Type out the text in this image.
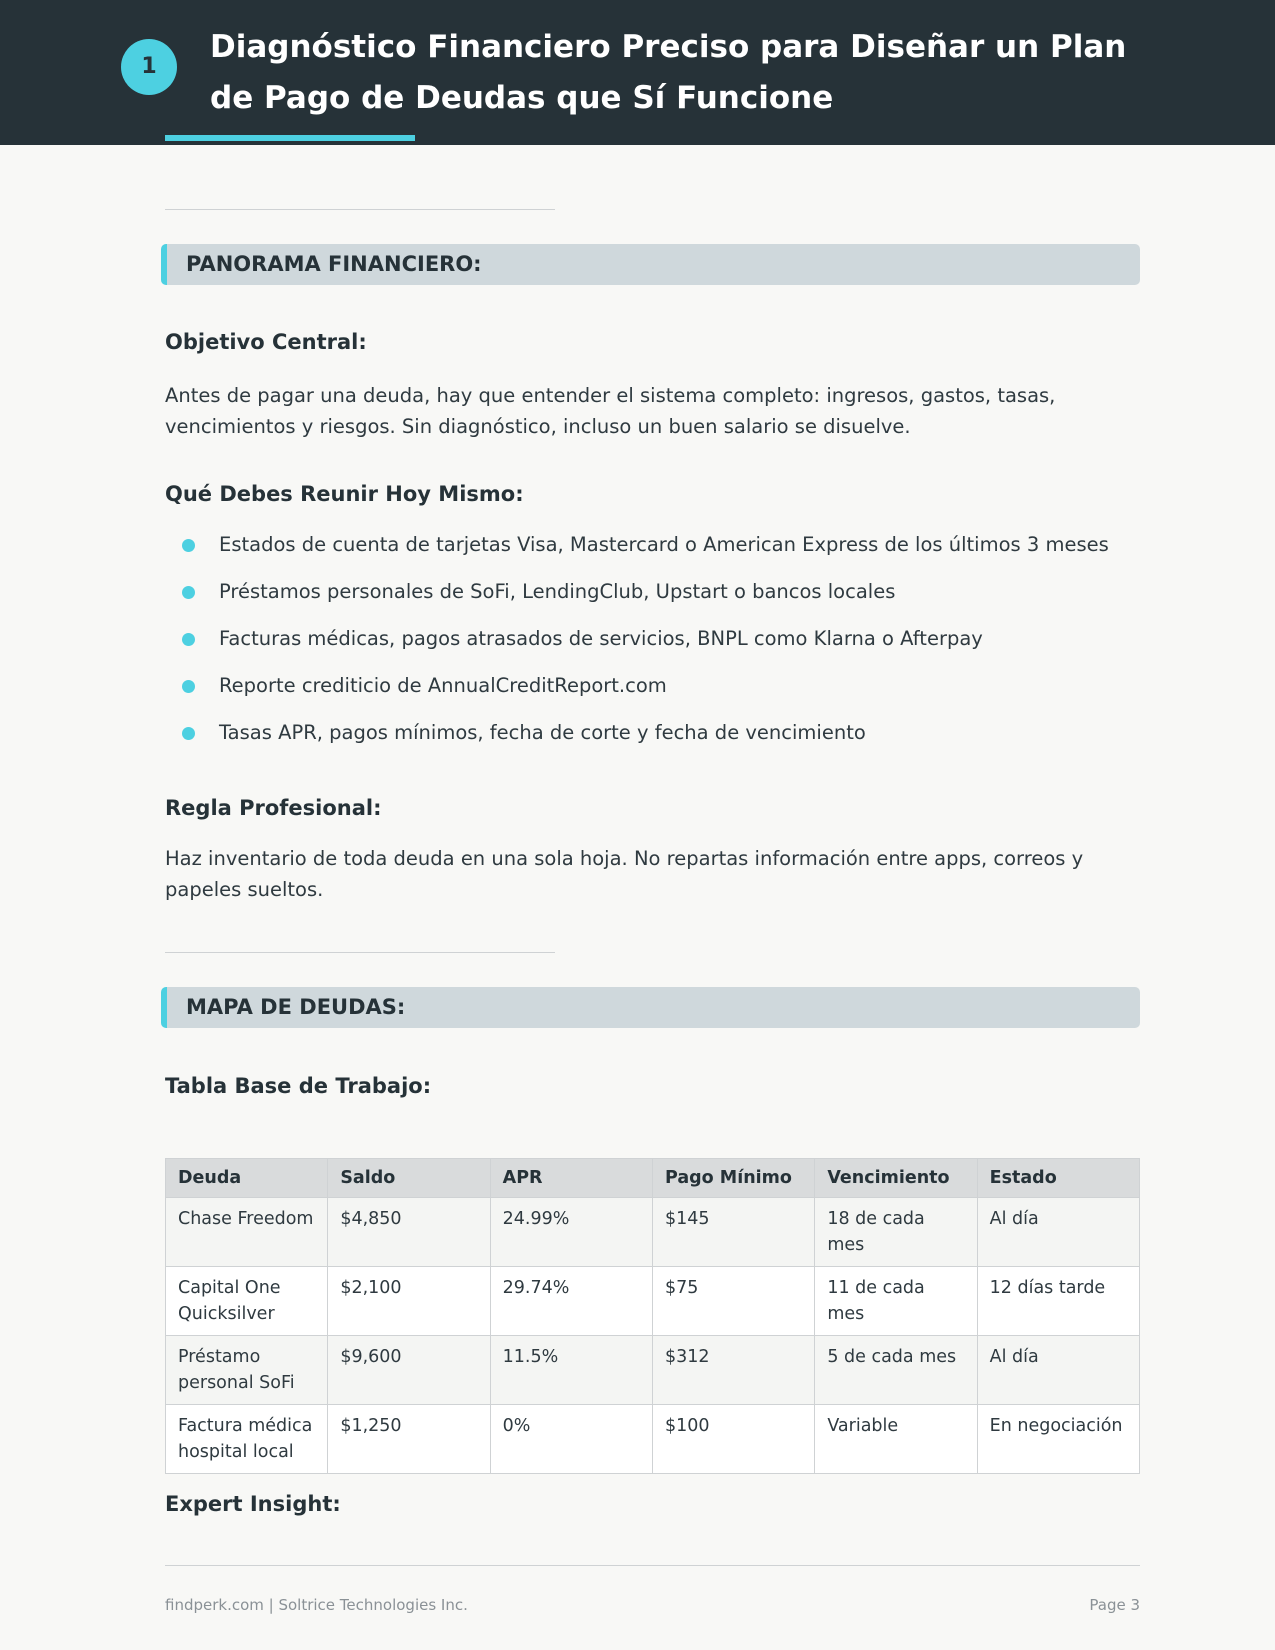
1
Diagnóstico Financiero Preciso para Diseñar un Plan de Pago de Deudas que Sí Funcione
PANORAMA FINANCIERO:
Objetivo Central:

Antes de pagar una deuda, hay que entender el sistema completo: ingresos, gastos, tasas, vencimientos y riesgos. Sin diagnóstico, incluso un buen salario se disuelve.

Qué Debes Reunir Hoy Mismo:
Estados de cuenta de tarjetas Visa, Mastercard o American Express de los últimos 3 meses
Préstamos personales de SoFi, LendingClub, Upstart o bancos locales
Facturas médicas, pagos atrasados de servicios, BNPL como Klarna o Afterpay
Reporte crediticio de AnnualCreditReport.com
Tasas APR, pagos mínimos, fecha de corte y fecha de vencimiento
Regla Profesional:

Haz inventario de toda deuda en una sola hoja. No repartas información entre apps, correos y papeles sueltos.

MAPA DE DEUDAS:
Tabla Base de Trabajo:
Deuda	Saldo	APR	Pago Mínimo	Vencimiento	Estado
Chase Freedom	$4,850	24.99%	$145	18 de cada mes	Al día
Capital One Quicksilver	$2,100	29.74%	$75	11 de cada mes	12 días tarde
Préstamo personal SoFi	$9,600	11.5%	$312	5 de cada mes	Al día
Factura médica hospital local	$1,250	0%	$100	Variable	En negociación
Expert Insight:
findperk.com | Soltrice Technologies Inc.	Page 3
